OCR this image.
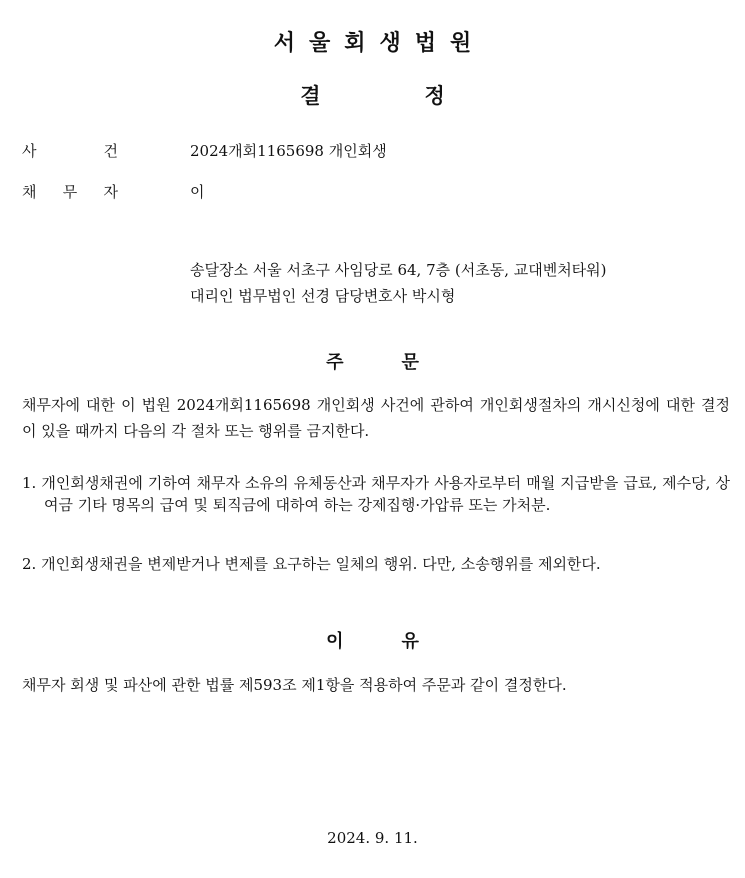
서울회생법원
결정
사	건	2024개회1165698 개인회생
채 무 자	이
송달장소 서울 서초구 사임당로 64, 7층 (서초동, 교대벤처타워)
대리인 법무법인 선경 담당변호사 박시형
주문
채무자에 대한 이 법원 2024개회1165698 개인회생 사건에 관하여 개인회생절차의 개시신청에 대한 결정이 있을 때까지 다음의 각 절차 또는 행위를 금지한다.
1. 개인회생채권에 기하여 채무자 소유의 유체동산과 채무자가 사용자로부터 매월 지급받을 급료, 제수당, 상여금 기타 명목의 급여 및 퇴직금에 대하여 하는 강제집행·가압류 또는 가처분.
2. 개인회생채권을 변제받거나 변제를 요구하는 일체의 행위. 다만, 소송행위를 제외한다.
이유
채무자 회생 및 파산에 관한 법률 제593조 제1항을 적용하여 주문과 같이 결정한다.
2024. 9. 11.
